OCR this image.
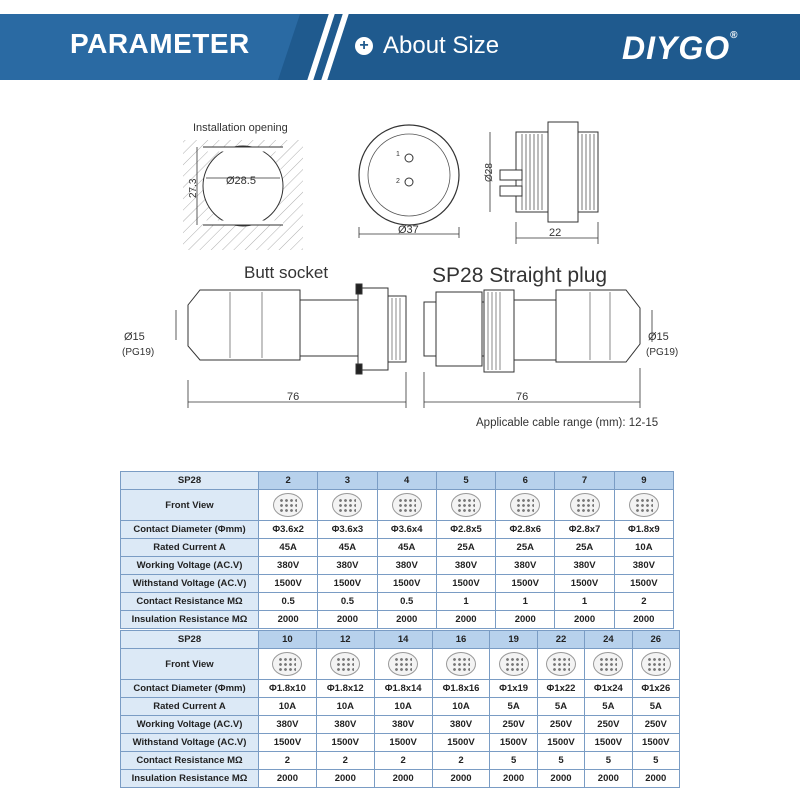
PARAMETER	+ About Size	DIYGO®
Installation opening
27.3 Ø28.5
1
2
Ø37
Ø28
22
Butt socket	SP28 Straight plug
Ø15
(PG19)
76
Ø15
(PG19)
76
Applicable cable range (mm): 12-15
SP28	2	3	4	5	6	7	9
Front View							
Contact Diameter (Φmm)	Φ3.6x2	Φ3.6x3	Φ3.6x4	Φ2.8x5	Φ2.8x6	Φ2.8x7	Φ1.8x9
Rated Current A	45A	45A	45A	25A	25A	25A	10A
Working Voltage (AC.V)	380V	380V	380V	380V	380V	380V	380V
Withstand Voltage (AC.V)	1500V	1500V	1500V	1500V	1500V	1500V	1500V
Contact Resistance MΩ	0.5	0.5	0.5	1	1	1	2
Insulation Resistance MΩ	2000	2000	2000	2000	2000	2000	2000
SP28	10	12	14	16	19	22	24	26
Front View								
Contact Diameter (Φmm)	Φ1.8x10	Φ1.8x12	Φ1.8x14	Φ1.8x16	Φ1x19	Φ1x22	Φ1x24	Φ1x26
Rated Current A	10A	10A	10A	10A	5A	5A	5A	5A
Working Voltage (AC.V)	380V	380V	380V	380V	250V	250V	250V	250V
Withstand Voltage (AC.V)	1500V	1500V	1500V	1500V	1500V	1500V	1500V	1500V
Contact Resistance MΩ	2	2	2	2	5	5	5	5
Insulation Resistance MΩ	2000	2000	2000	2000	2000	2000	2000	2000
